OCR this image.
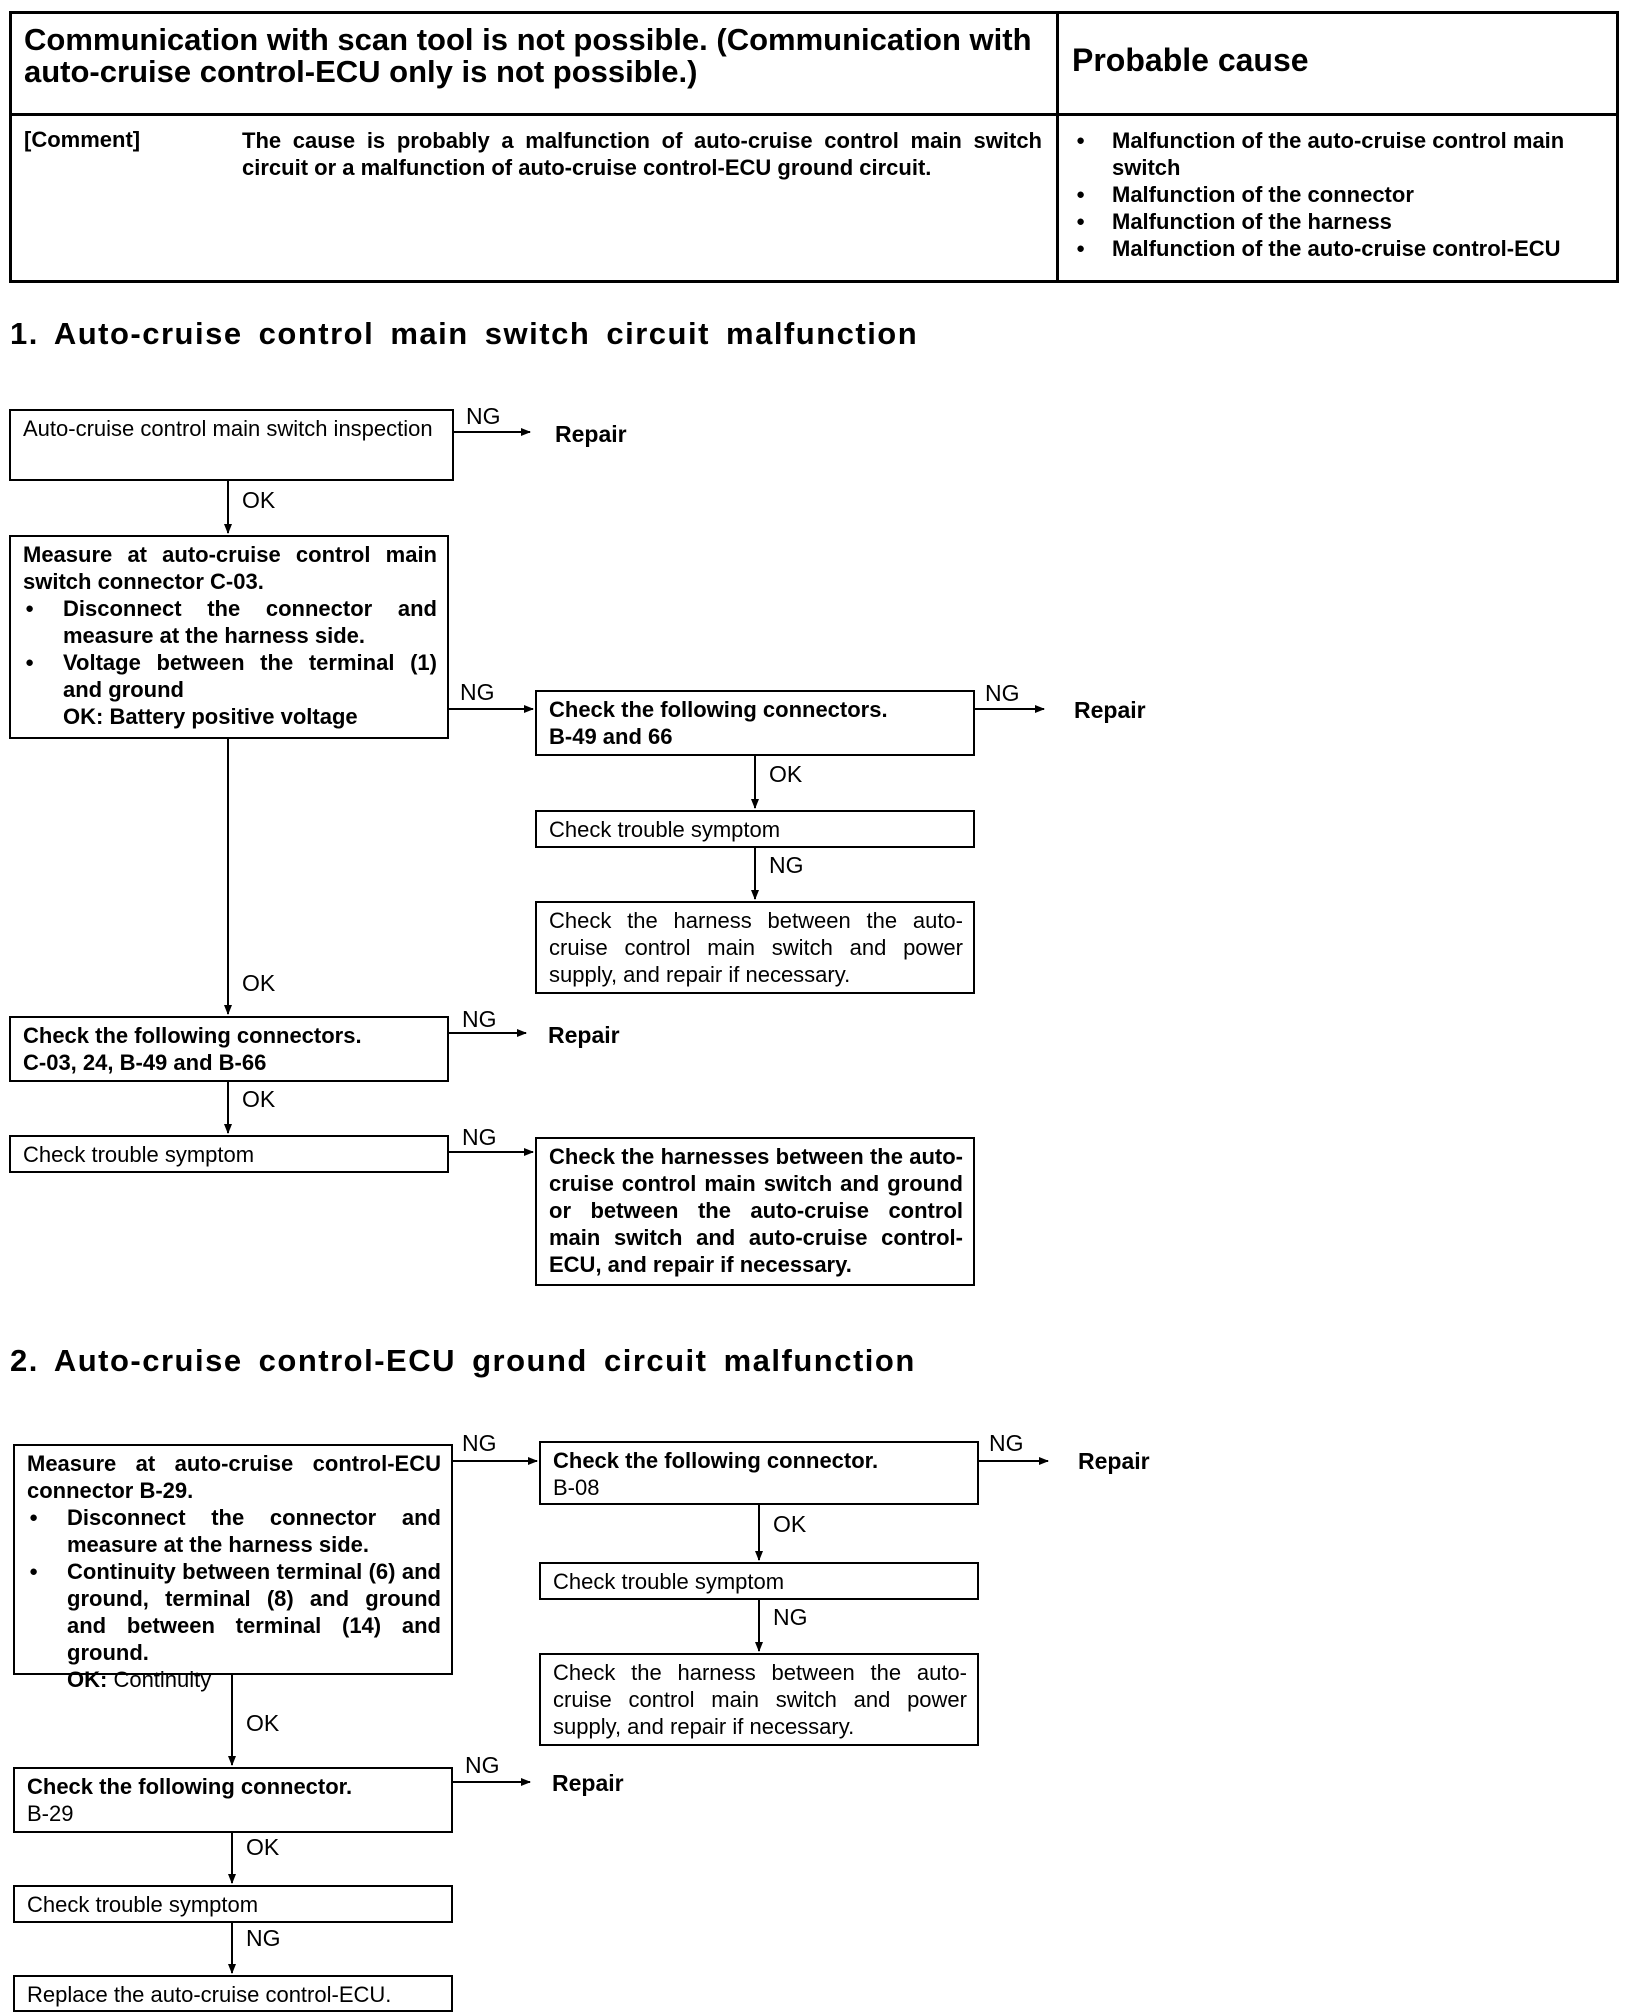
Communication with scan tool is not possible. (Communication with auto-cruise control-ECU only is not possible.)	Probable cause
[Comment]	The cause is probably a malfunction of auto-cruise control main switch circuit or a malfunction of auto-cruise control-ECU ground circuit.
● Malfunction of the auto-cruise control main switch
● Malfunction of the connector
● Malfunction of the harness
● Malfunction of the auto-cruise control-ECU
1. Auto-cruise control main switch circuit malfunction
Auto-cruise control main switch inspection
Measure at auto-cruise control main switch connector C-03.
● Disconnect the connector and measure at the harness side.
● Voltage between the terminal (1) and ground
OK: Battery positive voltage	Check the following connectors.
B-49 and 66
Check trouble symptom
Check the harness between the auto-cruise control main switch and power supply, and repair if necessary.
Check the following connectors.
C-03, 24, B-49 and B-66
Check trouble symptom	Check the harnesses between the auto-cruise control main switch and ground or between the auto-cruise control main switch and auto-cruise control-ECU, and repair if necessary.
2. Auto-cruise control-ECU ground circuit malfunction
Measure at auto-cruise control-ECU connector B-29.
● Disconnect the connector and measure at the harness side.
● Continuity between terminal (6) and ground, terminal (8) and ground and between terminal (14) and ground.
OK: Continuity
Check the following connector.
B-08
Check trouble symptom
Check the harness between the auto-cruise control main switch and power supply, and repair if necessary.
Check the following connector.
B-29
Check trouble symptom
Replace the auto-cruise control-ECU.
NG
Repair
OK
NG	NG
Repair
OK
NG
OK
NG
Repair
OK
NG
NG	NG
Repair
OK
NG
OK
NG
Repair
OK
NG
